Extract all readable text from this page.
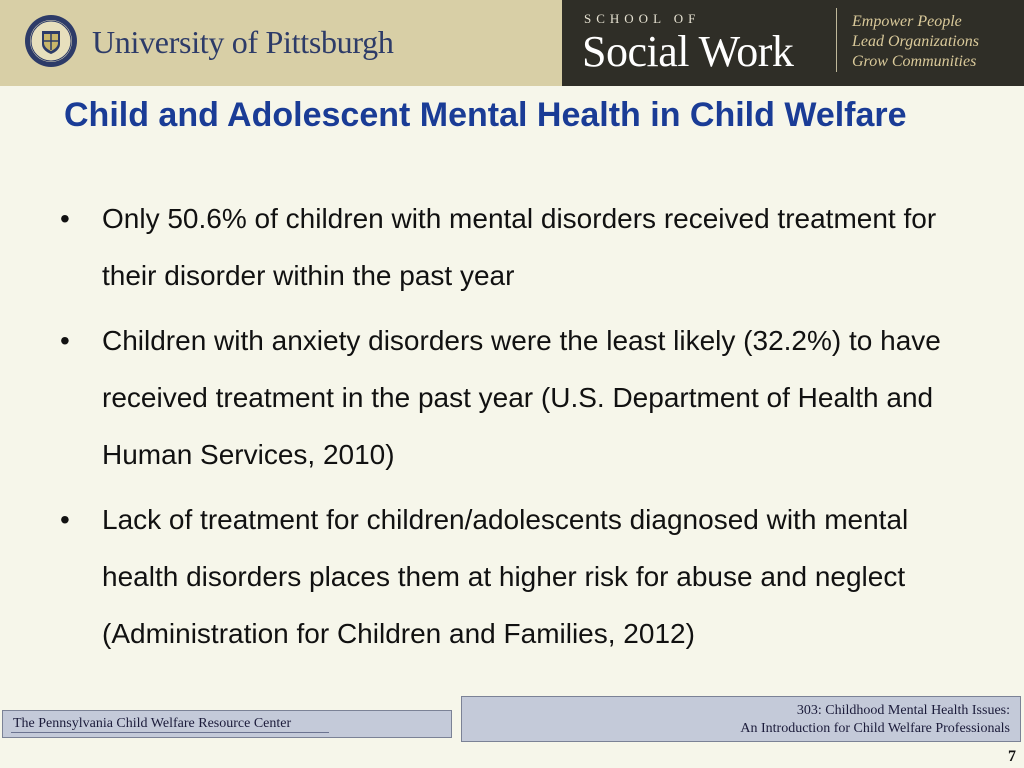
University of Pittsburgh
SCHOOL OF
Social Work
Empower People
Lead Organizations
Grow Communities
Child and Adolescent Mental Health in Child Welfare
• Only 50.6% of children with mental disorders received treatment for their disorder within the past year
• Children with anxiety disorders were the least likely (32.2%) to have received treatment in the past year (U.S. Department of Health and Human Services, 2010)
• Lack of treatment for children/adolescents diagnosed with mental health disorders places them at higher risk for abuse and neglect (Administration for Children and Families, 2012)
The Pennsylvania Child Welfare Resource Center
303: Childhood Mental Health Issues:
An Introduction for Child Welfare Professionals
7
